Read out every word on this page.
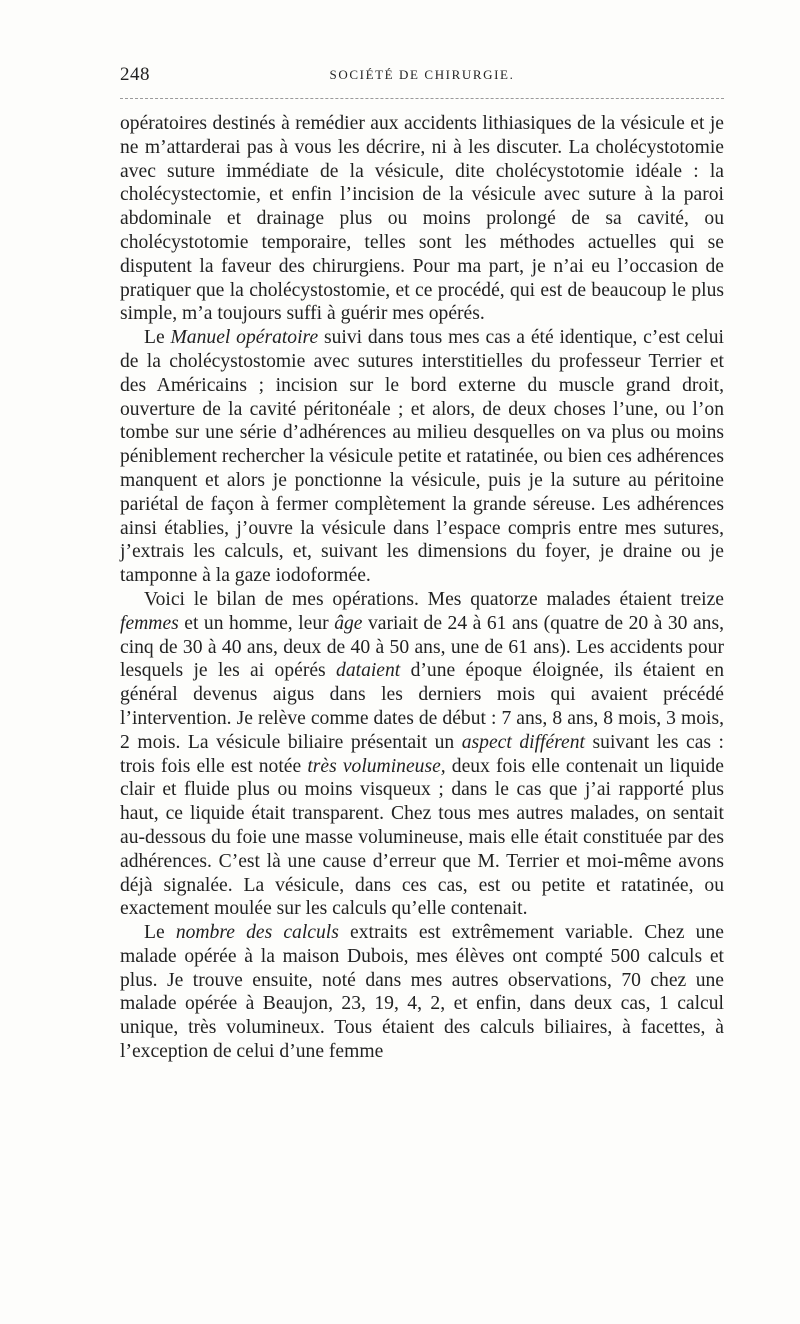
248	SOCIÉTÉ DE CHIRURGIE.

opératoires destinés à remédier aux accidents lithiasiques de la vésicule et je ne m’attarderai pas à vous les décrire, ni à les discuter. La cholécystotomie avec suture immédiate de la vésicule, dite cholécystotomie idéale : la cholécystectomie, et enfin l’incision de la vésicule avec suture à la paroi abdominale et drainage plus ou moins prolongé de sa cavité, ou cholécystotomie temporaire, telles sont les méthodes actuelles qui se disputent la faveur des chirurgiens. Pour ma part, je n’ai eu l’occasion de pratiquer que la cholécystostomie, et ce procédé, qui est de beaucoup le plus simple, m’a toujours suffi à guérir mes opérés.

Le Manuel opératoire suivi dans tous mes cas a été identique, c’est celui de la cholécystostomie avec sutures interstitielles du professeur Terrier et des Américains ; incision sur le bord externe du muscle grand droit, ouverture de la cavité péritonéale ; et alors, de deux choses l’une, ou l’on tombe sur une série d’adhérences au milieu desquelles on va plus ou moins péniblement rechercher la vésicule petite et ratatinée, ou bien ces adhérences manquent et alors je ponctionne la vésicule, puis je la suture au péritoine pariétal de façon à fermer complètement la grande séreuse. Les adhérences ainsi établies, j’ouvre la vésicule dans l’espace compris entre mes sutures, j’extrais les calculs, et, suivant les dimensions du foyer, je draine ou je tamponne à la gaze iodoformée.

Voici le bilan de mes opérations. Mes quatorze malades étaient treize femmes et un homme, leur âge variait de 24 à 61 ans (quatre de 20 à 30 ans, cinq de 30 à 40 ans, deux de 40 à 50 ans, une de 61 ans). Les accidents pour lesquels je les ai opérés dataient d’une époque éloignée, ils étaient en général devenus aigus dans les derniers mois qui avaient précédé l’intervention. Je relève comme dates de début : 7 ans, 8 ans, 8 mois, 3 mois, 2 mois. La vésicule biliaire présentait un aspect différent suivant les cas : trois fois elle est notée très volumineuse, deux fois elle contenait un liquide clair et fluide plus ou moins visqueux ; dans le cas que j’ai rapporté plus haut, ce liquide était transparent. Chez tous mes autres malades, on sentait au-dessous du foie une masse volumineuse, mais elle était constituée par des adhérences. C’est là une cause d’erreur que M. Terrier et moi-même avons déjà signalée. La vésicule, dans ces cas, est ou petite et ratatinée, ou exactement moulée sur les calculs qu’elle contenait.

Le nombre des calculs extraits est extrêmement variable. Chez une malade opérée à la maison Dubois, mes élèves ont compté 500 calculs et plus. Je trouve ensuite, noté dans mes autres observations, 70 chez une malade opérée à Beaujon, 23, 19, 4, 2, et enfin, dans deux cas, 1 calcul unique, très volumineux. Tous étaient des calculs biliaires, à facettes, à l’exception de celui d’une femme
